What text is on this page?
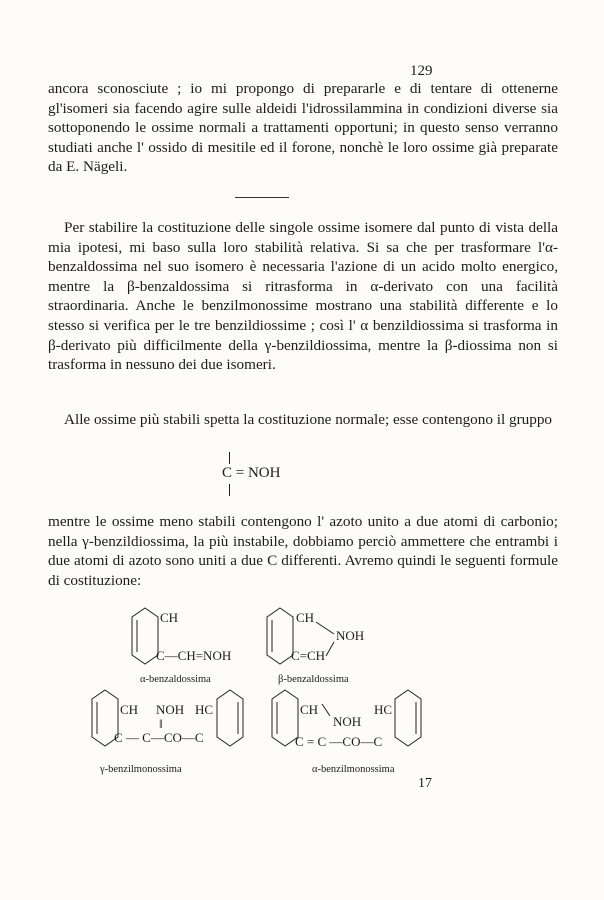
129

ancora sconosciute ; io mi propongo di prepararle e di tentare di ottenerne gl'isomeri sia facendo agire sulle aldeidi l'idrossilammina in condizioni diverse sia sottoponendo le ossime normali a trattamenti opportuni; in questo senso verranno studiati anche l' ossido di mesitile ed il forone, nonchè le loro ossime già preparate da E. Nägeli.

Per stabilire la costituzione delle singole ossime isomere dal punto di vista della mia ipotesi, mi baso sulla loro stabilità relativa. Si sa che per trasformare l'α-benzaldossima nel suo isomero è necessaria l'azione di un acido molto energico, mentre la β-benzaldossima si ritrasforma in α-derivato con una facilità straordinaria. Anche le benzilmonossime mostrano una stabilità differente e lo stesso si verifica per le tre benzildiossime ; così l' α benzildiossima si trasforma in β-derivato più difficilmente della γ-benzildiossima, mentre la β-diossima non si trasforma in nessuno dei due isomeri.

Alle ossime più stabili spetta la costituzione normale; esse contengono il gruppo

C = NOH

mentre le ossime meno stabili contengono l' azoto unito a due atomi di carbonio; nella γ-benzildiossima, la più instabile, dobbiamo perciò ammettere che entrambi i due atomi di azoto sono uniti a due C differenti. Avremo quindi le seguenti formule di costituzione:

CH
C—CH=NOH
CH
NOH
C=CH
CH NOH HC
C — C—CO—C
‖
CH
NOH
HC
C = C —CO—C
α-benzaldossima	β-benzaldossima
γ-benzilmonossima	α-benzilmonossima
17
